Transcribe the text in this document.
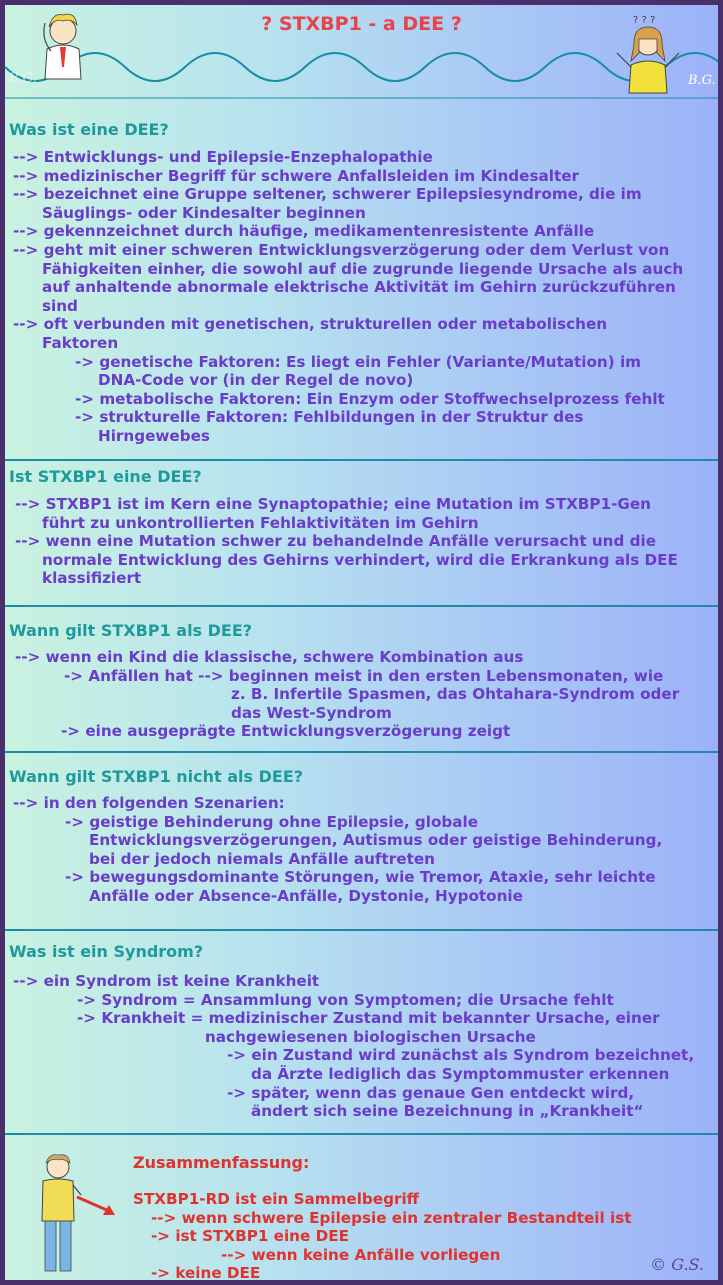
? STXBP1 - a DEE ?	? ? ?
B.G.	B.G.
Was ist eine DEE?
--> Entwicklungs- und Epilepsie-Enzephalopathie
--> medizinischer Begriff für schwere Anfallsleiden im Kindesalter
--> bezeichnet eine Gruppe seltener, schwerer Epilepsiesyndrome, die im
Säuglings- oder Kindesalter beginnen
--> gekennzeichnet durch häufige, medikamentenresistente Anfälle
--> geht mit einer schweren Entwicklungsverzögerung oder dem Verlust von
Fähigkeiten einher, die sowohl auf die zugrunde liegende Ursache als auch
auf anhaltende abnormale elektrische Aktivität im Gehirn zurückzuführen
sind
--> oft verbunden mit genetischen, strukturellen oder metabolischen
Faktoren
-> genetische Faktoren: Es liegt ein Fehler (Variante/Mutation) im
DNA-Code vor (in der Regel de novo)
-> metabolische Faktoren: Ein Enzym oder Stoffwechselprozess fehlt
-> strukturelle Faktoren: Fehlbildungen in der Struktur des
Hirngewebes
Ist STXBP1 eine DEE?
--> STXBP1 ist im Kern eine Synaptopathie; eine Mutation im STXBP1-Gen
führt zu unkontrollierten Fehlaktivitäten im Gehirn
--> wenn eine Mutation schwer zu behandelnde Anfälle verursacht und die
normale Entwicklung des Gehirns verhindert, wird die Erkrankung als DEE
klassifiziert
Wann gilt STXBP1 als DEE?
--> wenn ein Kind die klassische, schwere Kombination aus
-> Anfällen hat --> beginnen meist in den ersten Lebensmonaten, wie
z. B. Infertile Spasmen, das Ohtahara-Syndrom oder
das West-Syndrom
-> eine ausgeprägte Entwicklungsverzögerung zeigt
Wann gilt STXBP1 nicht als DEE?
--> in den folgenden Szenarien:
-> geistige Behinderung ohne Epilepsie, globale
Entwicklungsverzögerungen, Autismus oder geistige Behinderung,
bei der jedoch niemals Anfälle auftreten
-> bewegungsdominante Störungen, wie Tremor, Ataxie, sehr leichte
Anfälle oder Absence-Anfälle, Dystonie, Hypotonie
Was ist ein Syndrom?
--> ein Syndrom ist keine Krankheit
-> Syndrom = Ansammlung von Symptomen; die Ursache fehlt
-> Krankheit = medizinischer Zustand mit bekannter Ursache, einer
nachgewiesenen biologischen Ursache
-> ein Zustand wird zunächst als Syndrom bezeichnet,
da Ärzte lediglich das Symptommuster erkennen
-> später, wenn das genaue Gen entdeckt wird,
ändert sich seine Bezeichnung in „Krankheit“
Zusammenfassung:
STXBP1-RD ist ein Sammelbegriff
--> wenn schwere Epilepsie ein zentraler Bestandteil ist
-> ist STXBP1 eine DEE
--> wenn keine Anfälle vorliegen
-> keine DEE	© G.S.
